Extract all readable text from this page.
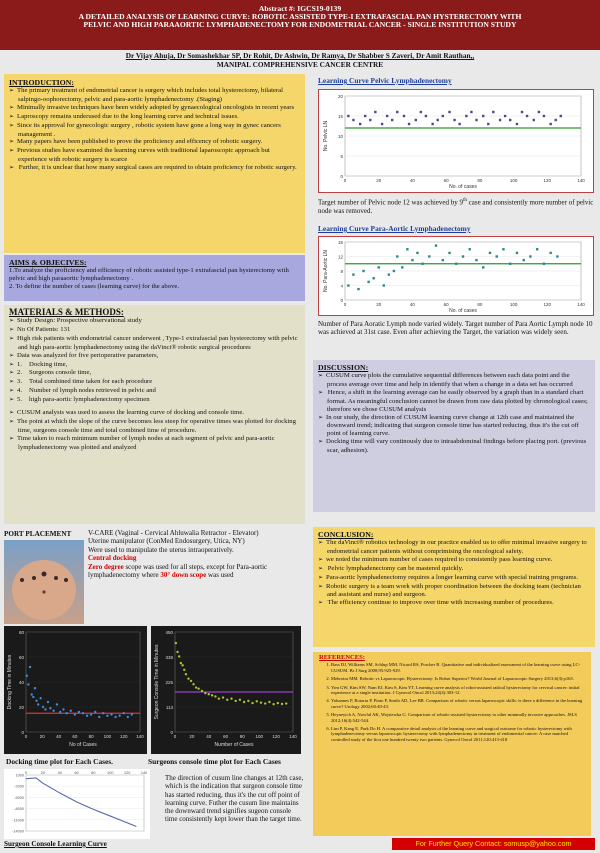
Abstract #: IGCS19-0139
A DETAILED ANALYSIS OF LEARNING CURVE: ROBOTIC ASSISTED TYPE-I EXTRAFASCIAL PAN HYSTERECTOMY WITH
PELVIC AND HIGH PARAAORTIC LYMPHADENECTOMY FOR ENDOMETRIAL CANCER - SINGLE INSTITUTION STUDY
Dr Vijay Ahuja, Dr Somashekhar SP, Dr Rohit, Dr Ashwin, Dr Ramya, Dr Shabber S Zaveri, Dr Amit Rauthan,,
MANIPAL COMPREHENSIVE CANCER CENTRE
INTRODUCTION:
➢ The primary treatment of endometrial cancer is surgery which includes total hysterectomy, bilateral salpingo-oophorectomy, pelvic and para-aortic lymphadenectomy .(Staging)
➢ Minimally invasive techniques have been widely adopted by gynaecological oncologists in recent years
➢ Laproscopy remains underused due to the long learning curve and technical issues.
➢ Since its approval for gynecologic surgery , robotic system have gone a long way in gynec cancers management .
➢ Many papers have been published to prove the proficiency and efficency of robotic surgery.
➢ Previous studies have examined the learning curves with traditional laparoscopic approach but experience with robotic surgery is scarce
➢ Further, it is unclear that how many surgical cases are required to obtain proficiency for robotic surgery.
AIMS & OBJECIVES:
1.To analyze the proficiency and efficiency of robotic assisted type-1 extrafascial pan hysterectomy with pelvic and high paraaortic lymphadenectomy .
2. To define the number of cases (learning curve) for the above.
MATERIALS & METHODS:
➢ Study Design: Prospective observational study
➢ No Of Patients: 131
➢ High risk patients with endometrial cancer underwent , Type-1 extrafascial pan hysterectomy with pelvic and high para-aortic lymphadenectomy using the daVinci® robotic surgical procedures
➢ Data was analyzed for five perioperative parameters,
➢ 1. Docking time,
➢ 2. Surgeons console time,
➢ 3. Total combined time taken for each procedure
➢ 4. Number of lymph nodes retrieved in pelvic and
➢ 5. high para-aortic lymphadenectomy specimen
➢ CUSUM analysis was used to assess the learning curve of docking and console time.
➢ The point at which the slope of the curve becomes less steep for operative times was plotted for docking time, surgeons console time and total combined time of procedure.
➢ Time taken to reach minimum number of lymph nodes at each segment of pelvic and para-aortic lymphadenectomy was plotted and analyzed
Learning Curve Pelvic Lymphadenectomy
20
15
10
5
0
0	20	40	60	80	100	120	140
No. of cases
No. Pelvic LN
Target number of Pelvic node 12 was achieved by 9th case and consistently more number of pelvic node was removed.
Learning Curve Para-Aortic Lymphadenectomy
16
12
8
4
0
0	20	40	60	80	100	120	140
No. of cases
No. Para-Aortic LN
Number of Para Aoratic Lymph node varied widely. Target number of Para Aortic Lymph node 10 was achieved at 31st case. Even after achieving the Target, the variation was widely seen.
DISCUSSION:
➢ CUSUM curve plots the cumulative sequential differences between each data point and the process average over time and help in identify that when a change in a data set has occurred
➢ Hence, a shift in the learning average can be easily observed by a graph than in a standard chart format. As meaningful conclusion cannot be drawn from raw data plotted by chronological cases; therefore we chose CUSUM analysis
➢ In our study, the direction of CUSUM learning curve change at 12th case and maintained the downward trend; indicating that surgeon console time has started reducing, thus it's the cut off point of learning curve.
➢ Docking time will vary continously due to intraabdominal findings before placing port. (previous scar, adhesion).
CONCLUSION:
➢ The daVinci® robotics technology in our practice enabled us to offer minimal invasive surgery to endometrial cancer patients without comprimising the oncological safety.
➢ we noted the minimum number of cases required to consistently pass learning curve.
➢ Pelvic lymphadenectomy can be mastered quickly.
➢ Para-aortic lymphadenectomy requires a longer learning curve with special training programs.
➢ Robotic surgery is a team work with proper coordination between the docking team (technician and assistant and nurse) and surgeon.
➢ The efficiency continue to improve over time with increasing number of procedures.
REFERENCES:
1. Bass DJ, Williams SM, Schlup MM, Nicard RS, Porcher R. Quantitative and individualized assessment of the learning curve using LC-CUSUM. Br J Surg 2008;95:925-929.
2. Mehrotra MM. Robotic vs Laparoscopic Hysterectomy: Is Robot Superior? World Journal of Laparoscopic Surgery 2013;6(3):p163.
3. Yim GW, Kim SW, Nam EJ, Kim S, Kim YT. Learning curve analysis of robot-assisted radical hysterectomy for cervical cancer: initial experience at a single institution. J Gynecol Oncol 2013;24(4):303-12.
4. Yohannes P, Rotariu P, Pinto P, Smith AD, Lee BR. Comparison of robotic versus laparoscopic skills: is there a difference in the learning curve? Urology 2002;60:40-43.
5. Heyneyich A, Nowfal AK, Wojsiewka G. Comparison of robotic-assisted hysterectomy to other minimally invasive approaches. JSLS 2012;16(4):542-544.
6. Lim P, Kang E, Park Do H. A comparative detail analysis of the learning curve and surgical outcome for robotic hysterectomy with lymphadenectomy versus laparoscopic hysterectomy with lymphadenectomy in treatment of endometrial cancer: A case matched controlled study of the first one hundred twenty two patients. Gynecol Oncol 2011;120:413-418
For Further Query Contact: somusp@yahoo.com
PORT PLACEMENT V-CARE (Vaginal - Cervical Ahluwalia Retractor - Elevator)
Uterine manipulator (ConMed Endosurgery, Utica, NY)
Were used to manipulate the uterus intraoperatively.
Central docking
Zero degree scope was used for all steps, except for Para-aortic lymphadenectomy where 30° down scope was used
80
60
40
20
0
0	20	40	60	80 100 120 140
No of Cases
Docking Time in Minutes
450
338
225
113
0
0	20	40	60	80 100 120 140
Number of Cases
Surgeon Console Time in Minutes
Docking time plot for Each Cases.	Surgeons console time plot for Each Cases
1000
-2000
-5000
-8000
-11000
-14000
0	20	40	60	80	100	120	140
Surgeon Console Learning Curve
The direction of cusum line changes at 12th case, which is the indication that surgeon console time has started reducing, thus it's the cut off point of learning curve. Futher the cusum line maintains the downward trend signifies sugeon console time consistently kept lower than the target time.
